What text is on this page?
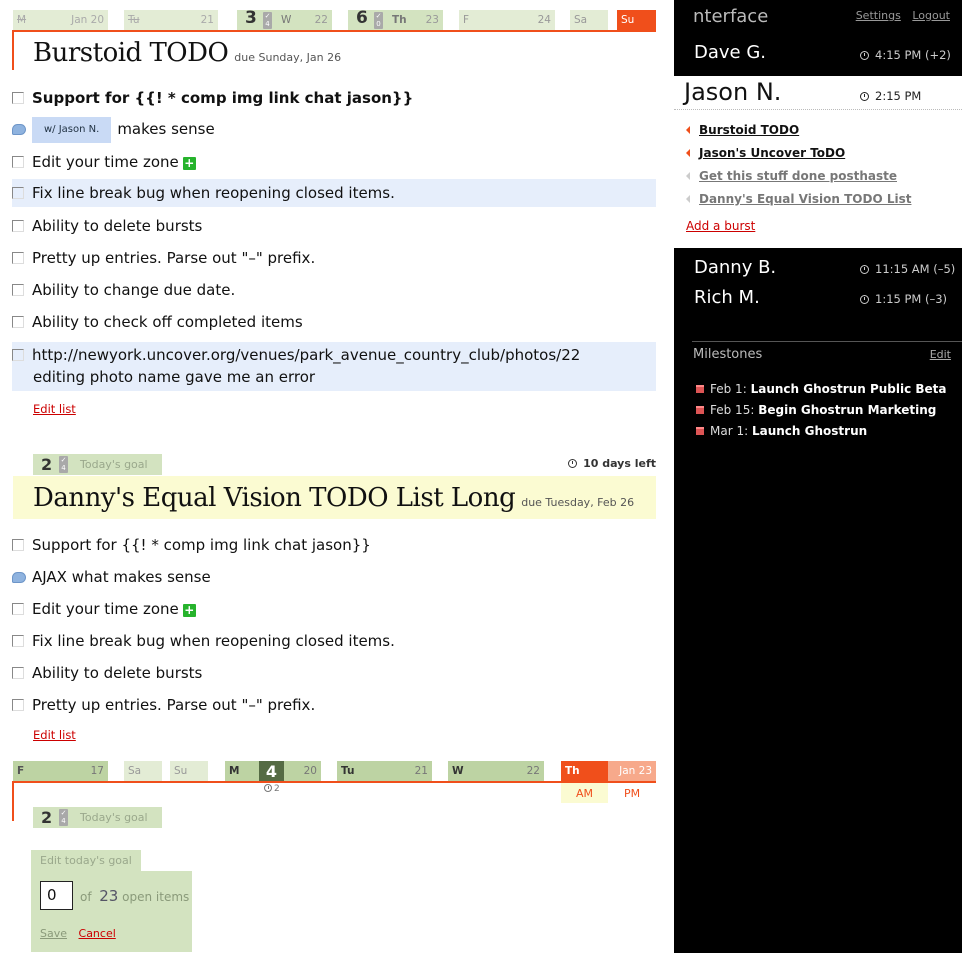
M	Jan 20	Tu	21 3 ✓
4 W 22 6 ✓
0 Th 23	F	24	Sa	Su
Burstoid TODO due Sunday, Jan 26
Support for {{! * comp img link chat jason}}
w/ Jason N. makes sense
Edit your time zone +
Fix line break bug when reopening closed items.
Ability to delete bursts
Pretty up entries. Parse out "–" prefix.
Ability to change due date.
Ability to check off completed items
http://newyork.uncover.org/venues/park_avenue_country_club/photos/22
editing photo name gave me an error
Edit list
2 ✓
4 Today's goal	10 days left
Danny's Equal Vision TODO List Long due Tuesday, Feb 26
Support for {{! * comp img link chat jason}}
AJAX what makes sense
Edit your time zone +
Fix line break bug when reopening closed items.
Ability to delete bursts
Pretty up entries. Parse out "–" prefix.
Edit list
F	17	Sa	Su	M	20
4	Tu	21	W	22	Th	Jan 23
2	AM	PM
2 ✓
4 Today's goal
Edit today's goal
0	of 23 open items
Save Cancel
nterface	Settings Logout
Dave G.	4:15 PM (+2)
Jason N.	2:15 PM
Burstoid TODO
Jason's Uncover ToDO
Get this stuff done posthaste
Danny's Equal Vision TODO List
Add a burst
Danny B.	11:15 AM (–5)
Rich M.	1:15 PM (–3)
Milestones	Edit
Feb 1: Launch Ghostrun Public Beta
Feb 15: Begin Ghostrun Marketing
Mar 1: Launch Ghostrun
